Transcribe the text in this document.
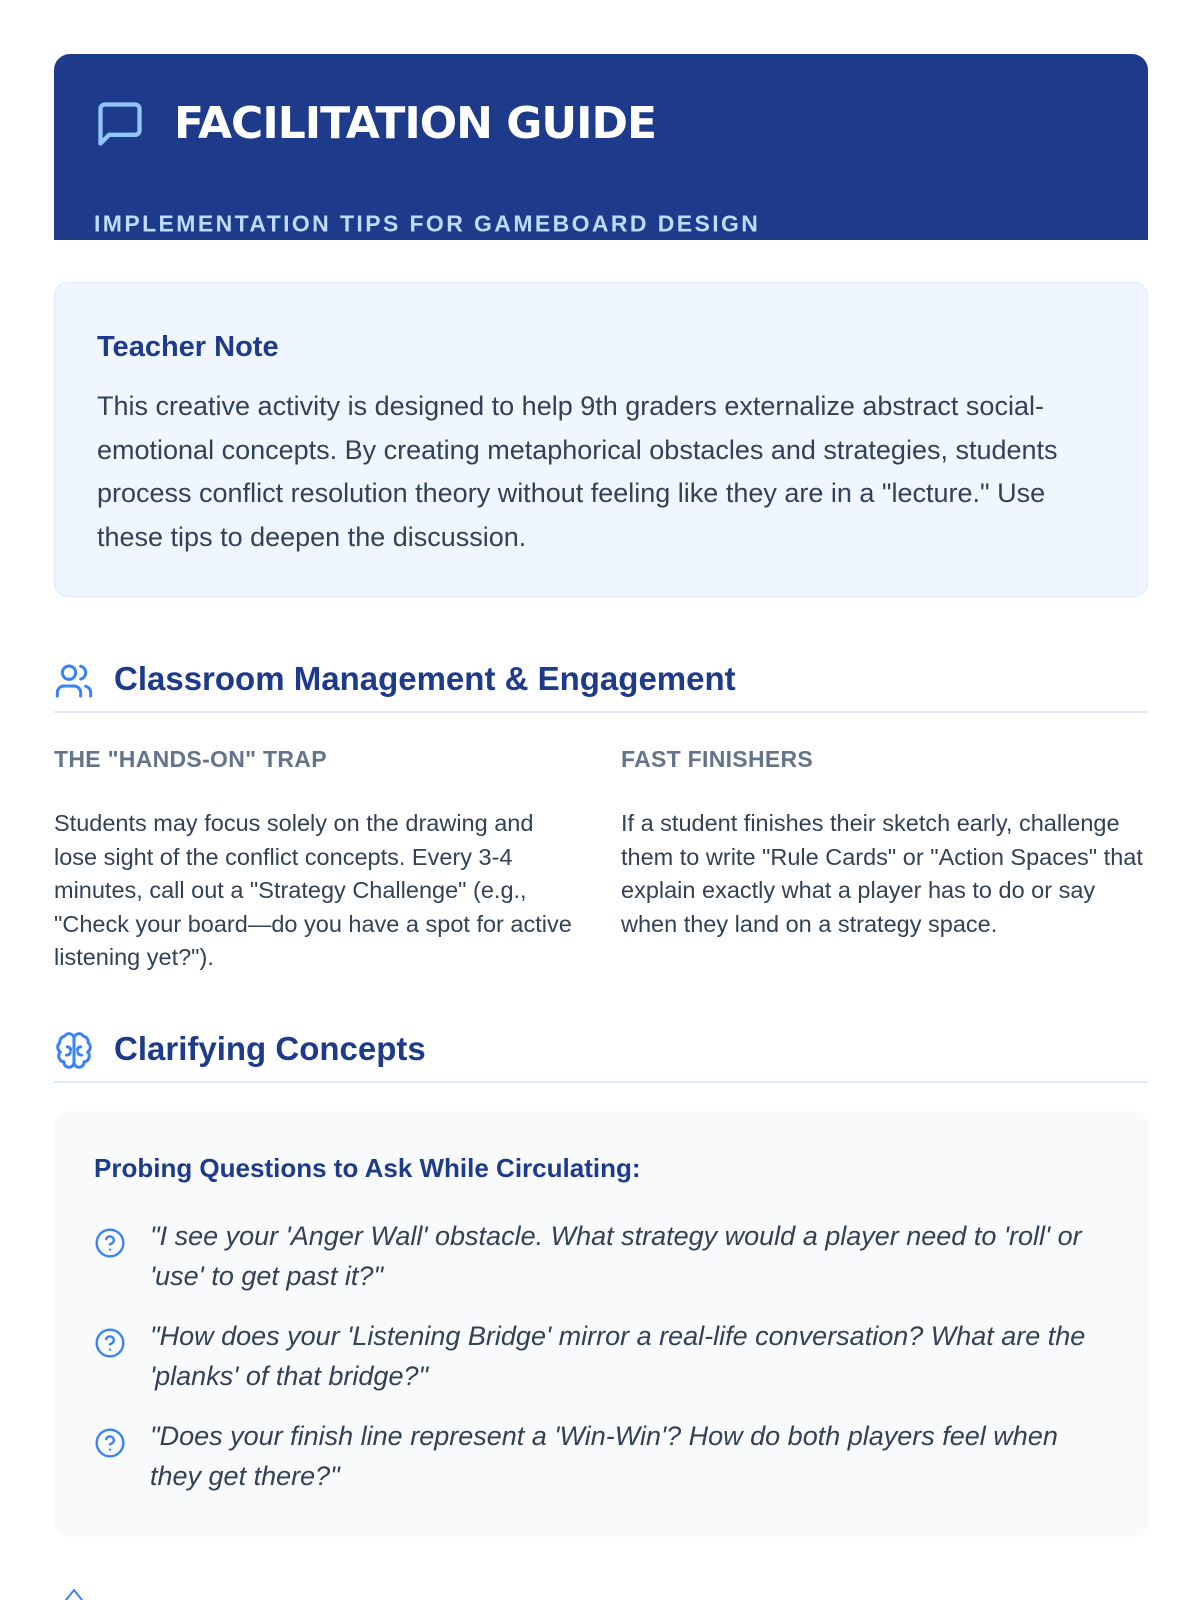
FACILITATION GUIDE
IMPLEMENTATION TIPS FOR GAMEBOARD DESIGN
Teacher Note

This creative activity is designed to help 9th graders externalize abstract social-emotional concepts. By creating metaphorical obstacles and strategies, students process conflict resolution theory without feeling like they are in a "lecture." Use these tips to deepen the discussion.

Classroom Management & Engagement
THE "HANDS-ON" TRAP

Students may focus solely on the drawing and lose sight of the conflict concepts. Every 3-4 minutes, call out a "Strategy Challenge" (e.g., "Check your board—do you have a spot for active listening yet?").

FAST FINISHERS

If a student finishes their sketch early, challenge them to write "Rule Cards" or "Action Spaces" that explain exactly what a player has to do or say when they land on a strategy space.

Clarifying Concepts
Probing Questions to Ask While Circulating:

"I see your 'Anger Wall' obstacle. What strategy would a player need to 'roll' or 'use' to get past it?"

"How does your 'Listening Bridge' mirror a real-life conversation? What are the 'planks' of that bridge?"

"Does your finish line represent a 'Win-Win'? How do both players feel when they get there?"
